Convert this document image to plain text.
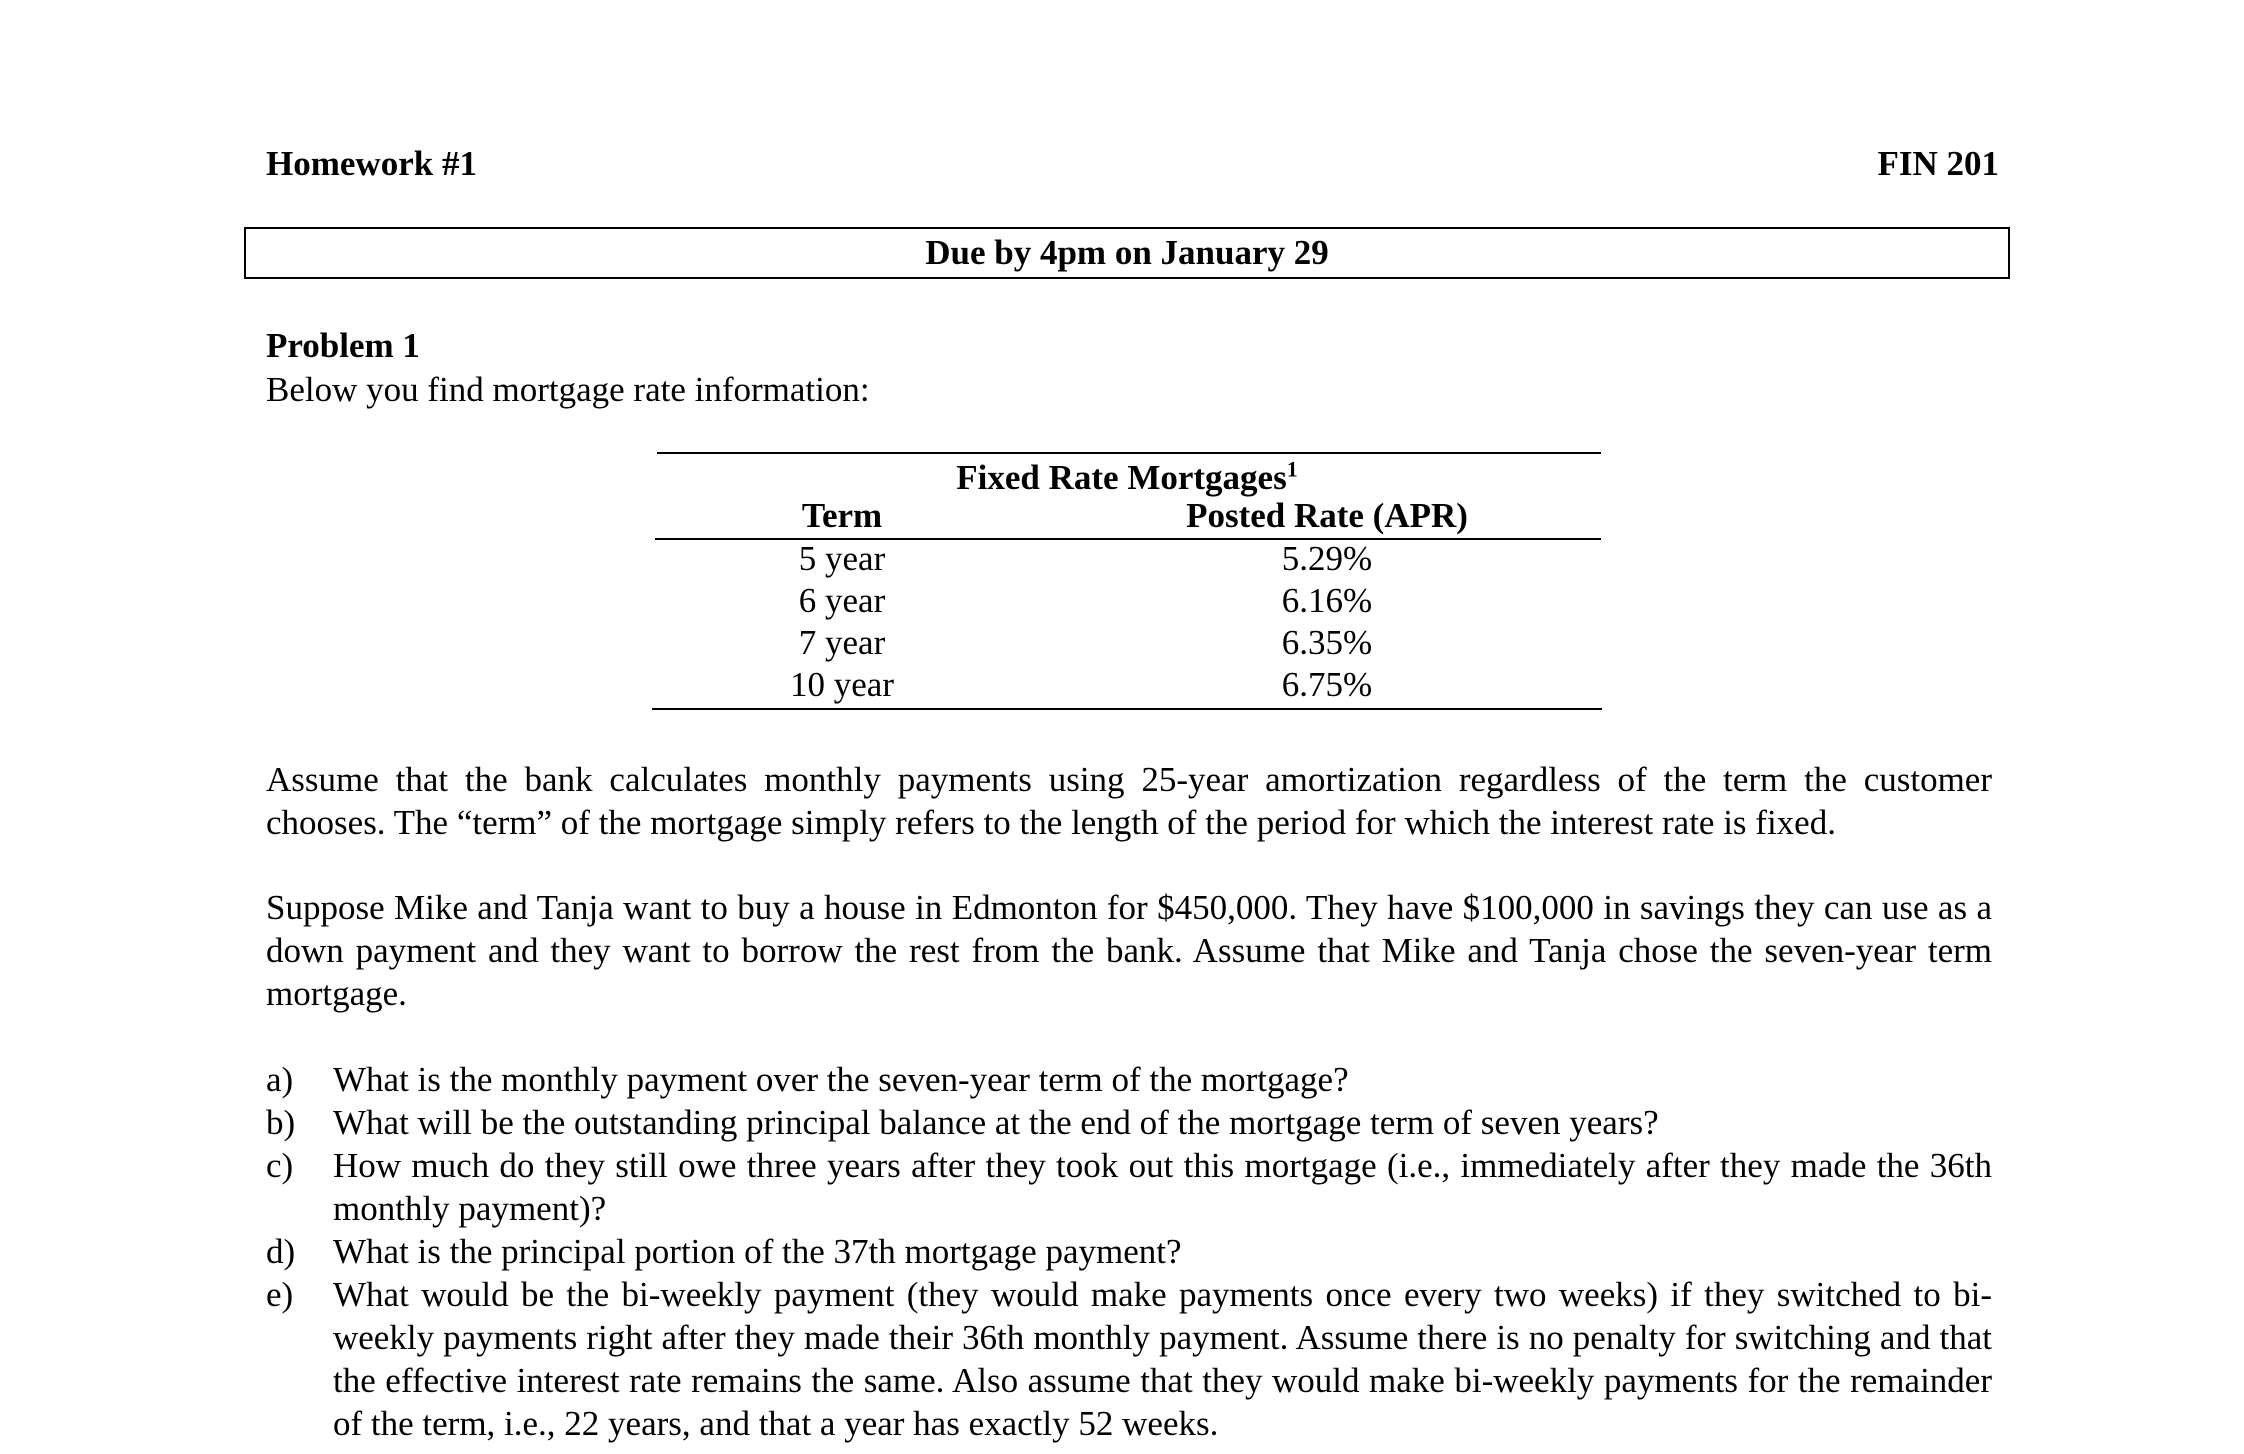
Homework #1	FIN 201
Due by 4pm on January 29
Problem 1
Below you find mortgage rate information:
Fixed Rate Mortgages$^1$
Term	Posted Rate (APR)
5 year	5.29%
6 year	6.16%
7 year	6.35%
10 year	6.75%
Assume that the bank calculates monthly payments using 25-year amortization regardless of the term the customer chooses. The “term” of the mortgage simply refers to the length of the period for which the interest rate is fixed.
Suppose Mike and Tanja want to buy a house in Edmonton for $450,000. They have $100,000 in savings they can use as a down payment and they want to borrow the rest from the bank. Assume that Mike and Tanja chose the seven-year term mortgage.
a) What is the monthly payment over the seven-year term of the mortgage?
b) What will be the outstanding principal balance at the end of the mortgage term of seven years?
c) How much do they still owe three years after they took out this mortgage (i.e., immediately after they made the 36th monthly payment)?
d) What is the principal portion of the 37th mortgage payment?
e) What would be the bi-weekly payment (they would make payments once every two weeks) if they switched to bi-weekly payments right after they made their 36th monthly payment. Assume there is no penalty for switching and that the effective interest rate remains the same. Also assume that they would make bi-weekly payments for the remainder of the term, i.e., 22 years, and that a year has exactly 52 weeks.
